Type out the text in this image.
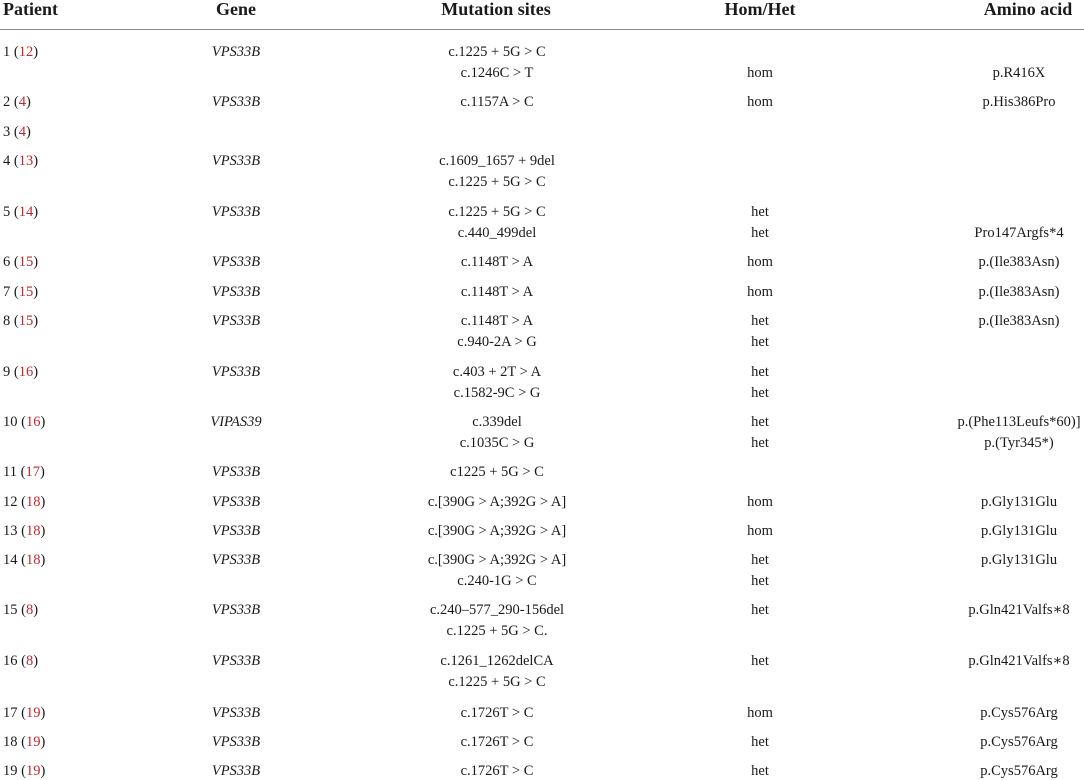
Patient	Gene	Mutation sites	Hom/Het	Amino acid
1 (12)	VPS33B	c.1225 + 5G > C
c.1246C > T	hom	p.R416X
2 (4)	VPS33B	c.1157A > C	hom	p.His386Pro
3 (4)
4 (13)	VPS33B	c.1609_1657 + 9del
c.1225 + 5G > C
5 (14)	VPS33B	c.1225 + 5G > C	het
c.440_499del	het	Pro147Argfs*4
6 (15)	VPS33B	c.1148T > A	hom	p.(Ile383Asn)
7 (15)	VPS33B	c.1148T > A	hom	p.(Ile383Asn)
8 (15)	VPS33B	c.1148T > A	het	p.(Ile383Asn)
c.940-2A > G	het
9 (16)	VPS33B	c.403 + 2T > A	het
c.1582-9C > G	het
10 (16)	VIPAS39	c.339del	het	p.(Phe113Leufs*60)]
c.1035C > G	het	p.(Tyr345*)
11 (17)	VPS33B	c1225 + 5G > C
12 (18)	VPS33B	c.[390G > A;392G > A]	hom	p.Gly131Glu
13 (18)	VPS33B	c.[390G > A;392G > A]	hom	p.Gly131Glu
14 (18)	VPS33B	c.[390G > A;392G > A]	het	p.Gly131Glu
c.240-1G > C	het
15 (8)	VPS33B	c.240–577_290-156del	het	p.Gln421Valfs∗8
c.1225 + 5G > C.
16 (8)	VPS33B	c.1261_1262delCA	het	p.Gln421Valfs∗8
c.1225 + 5G > C
17 (19)	VPS33B	c.1726T > C	hom	p.Cys576Arg
18 (19)	VPS33B	c.1726T > C	het	p.Cys576Arg
19 (19)	VPS33B	c.1726T > C	het	p.Cys576Arg
